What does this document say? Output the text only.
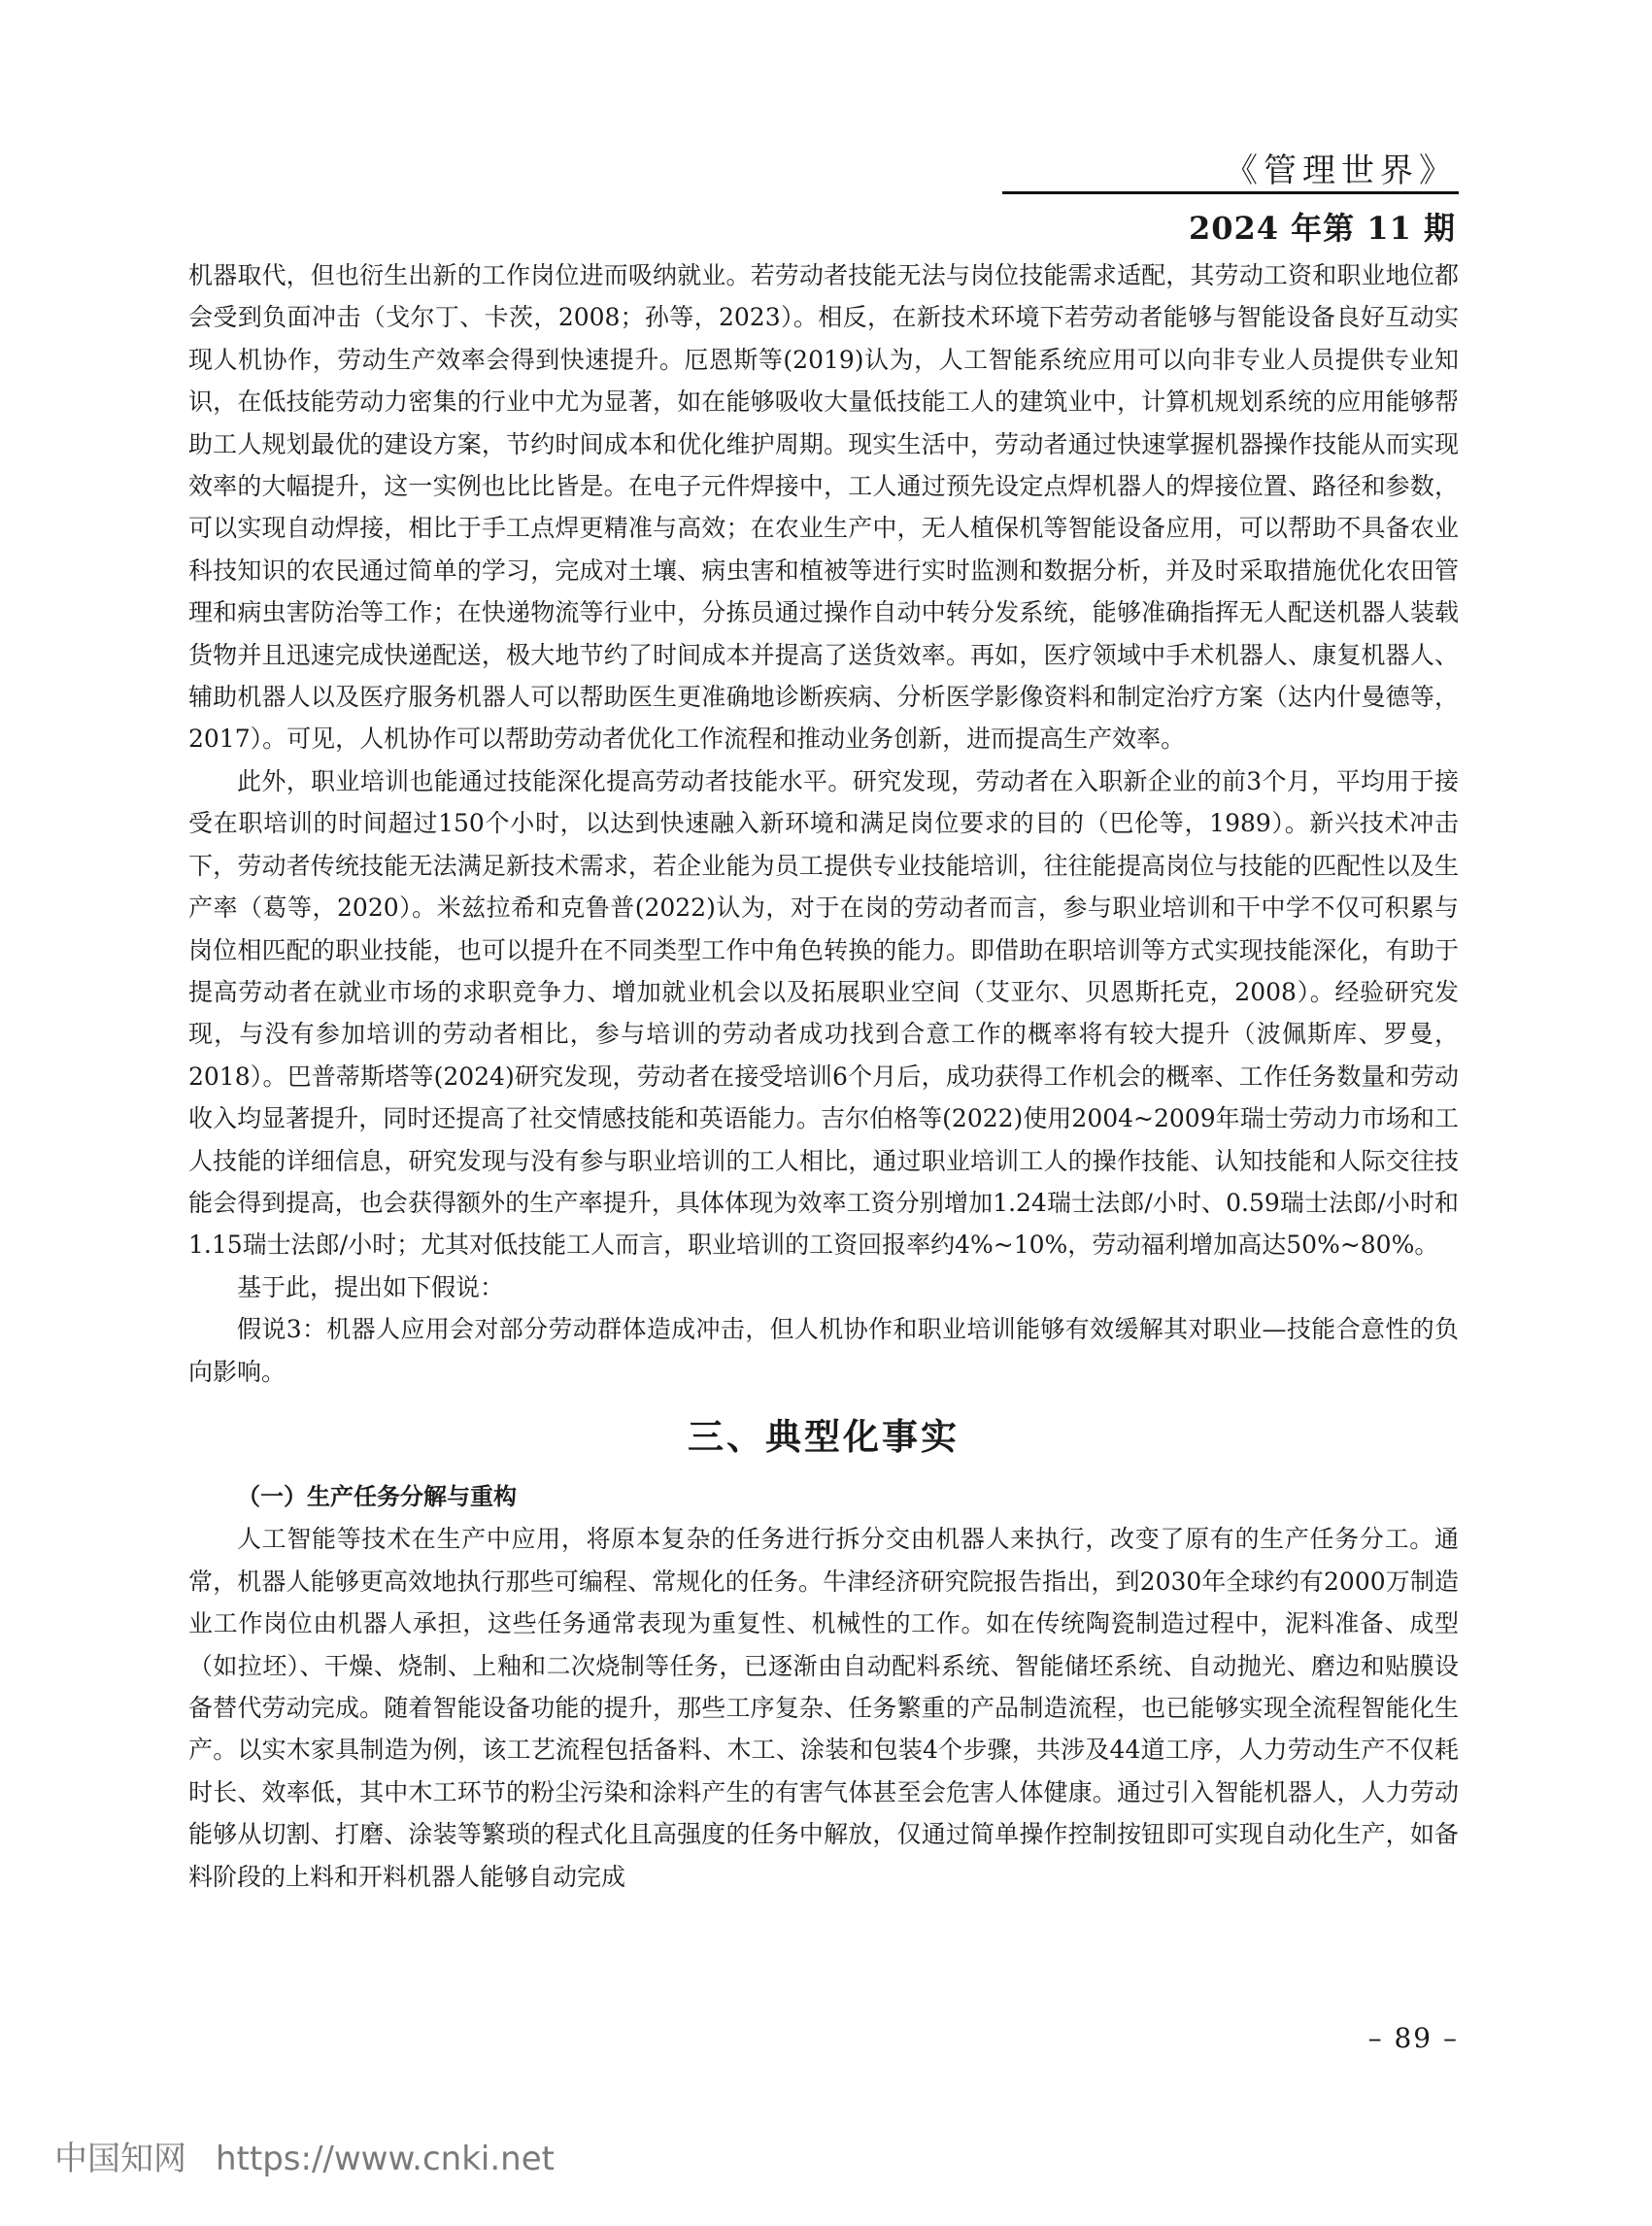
《管理世界》
2024 年第 11 期

机器取代，但也衍生出新的工作岗位进而吸纳就业。若劳动者技能无法与岗位技能需求适配，其劳动工资和职业地位都会受到负面冲击（戈尔丁、卡茨，2008；孙等，2023）。相反，在新技术环境下若劳动者能够与智能设备良好互动实现人机协作，劳动生产效率会得到快速提升。厄恩斯等(2019)认为，人工智能系统应用可以向非专业人员提供专业知识，在低技能劳动力密集的行业中尤为显著，如在能够吸收大量低技能工人的建筑业中，计算机规划系统的应用能够帮助工人规划最优的建设方案，节约时间成本和优化维护周期。现实生活中，劳动者通过快速掌握机器操作技能从而实现效率的大幅提升，这一实例也比比皆是。在电子元件焊接中，工人通过预先设定点焊机器人的焊接位置、路径和参数，可以实现自动焊接，相比于手工点焊更精准与高效；在农业生产中，无人植保机等智能设备应用，可以帮助不具备农业科技知识的农民通过简单的学习，完成对土壤、病虫害和植被等进行实时监测和数据分析，并及时采取措施优化农田管理和病虫害防治等工作；在快递物流等行业中，分拣员通过操作自动中转分发系统，能够准确指挥无人配送机器人装载货物并且迅速完成快递配送，极大地节约了时间成本并提高了送货效率。再如，医疗领域中手术机器人、康复机器人、辅助机器人以及医疗服务机器人可以帮助医生更准确地诊断疾病、分析医学影像资料和制定治疗方案（达内什曼德等，2017）。可见，人机协作可以帮助劳动者优化工作流程和推动业务创新，进而提高生产效率。

此外，职业培训也能通过技能深化提高劳动者技能水平。研究发现，劳动者在入职新企业的前3个月，平均用于接受在职培训的时间超过150个小时，以达到快速融入新环境和满足岗位要求的目的（巴伦等，1989）。新兴技术冲击下，劳动者传统技能无法满足新技术需求，若企业能为员工提供专业技能培训，往往能提高岗位与技能的匹配性以及生产率（葛等，2020）。米兹拉希和克鲁普(2022)认为，对于在岗的劳动者而言，参与职业培训和干中学不仅可积累与岗位相匹配的职业技能，也可以提升在不同类型工作中角色转换的能力。即借助在职培训等方式实现技能深化，有助于提高劳动者在就业市场的求职竞争力、增加就业机会以及拓展职业空间（艾亚尔、贝恩斯托克，2008）。经验研究发现，与没有参加培训的劳动者相比，参与培训的劳动者成功找到合意工作的概率将有较大提升（波佩斯库、罗曼，2018）。巴普蒂斯塔等(2024)研究发现，劳动者在接受培训6个月后，成功获得工作机会的概率、工作任务数量和劳动收入均显著提升，同时还提高了社交情感技能和英语能力。吉尔伯格等(2022)使用2004~2009年瑞士劳动力市场和工人技能的详细信息，研究发现与没有参与职业培训的工人相比，通过职业培训工人的操作技能、认知技能和人际交往技能会得到提高，也会获得额外的生产率提升，具体体现为效率工资分别增加1.24瑞士法郎/小时、0.59瑞士法郎/小时和1.15瑞士法郎/小时；尤其对低技能工人而言，职业培训的工资回报率约4%~10%，劳动福利增加高达50%~80%。

基于此，提出如下假说：

假说3：机器人应用会对部分劳动群体造成冲击，但人机协作和职业培训能够有效缓解其对职业—技能合意性的负向影响。

三、典型化事实
（一）生产任务分解与重构

人工智能等技术在生产中应用，将原本复杂的任务进行拆分交由机器人来执行，改变了原有的生产任务分工。通常，机器人能够更高效地执行那些可编程、常规化的任务。牛津经济研究院报告指出，到2030年全球约有2000万制造业工作岗位由机器人承担，这些任务通常表现为重复性、机械性的工作。如在传统陶瓷制造过程中，泥料准备、成型（如拉坯）、干燥、烧制、上釉和二次烧制等任务，已逐渐由自动配料系统、智能储坯系统、自动抛光、磨边和贴膜设备替代劳动完成。随着智能设备功能的提升，那些工序复杂、任务繁重的产品制造流程，也已能够实现全流程智能化生产。以实木家具制造为例，该工艺流程包括备料、木工、涂装和包装4个步骤，共涉及44道工序，人力劳动生产不仅耗时长、效率低，其中木工环节的粉尘污染和涂料产生的有害气体甚至会危害人体健康。通过引入智能机器人，人力劳动能够从切割、打磨、涂装等繁琐的程式化且高强度的任务中解放，仅通过简单操作控制按钮即可实现自动化生产，如备料阶段的上料和开料机器人能够自动完成

– 89 –
中国知网 https://www.cnki.net
